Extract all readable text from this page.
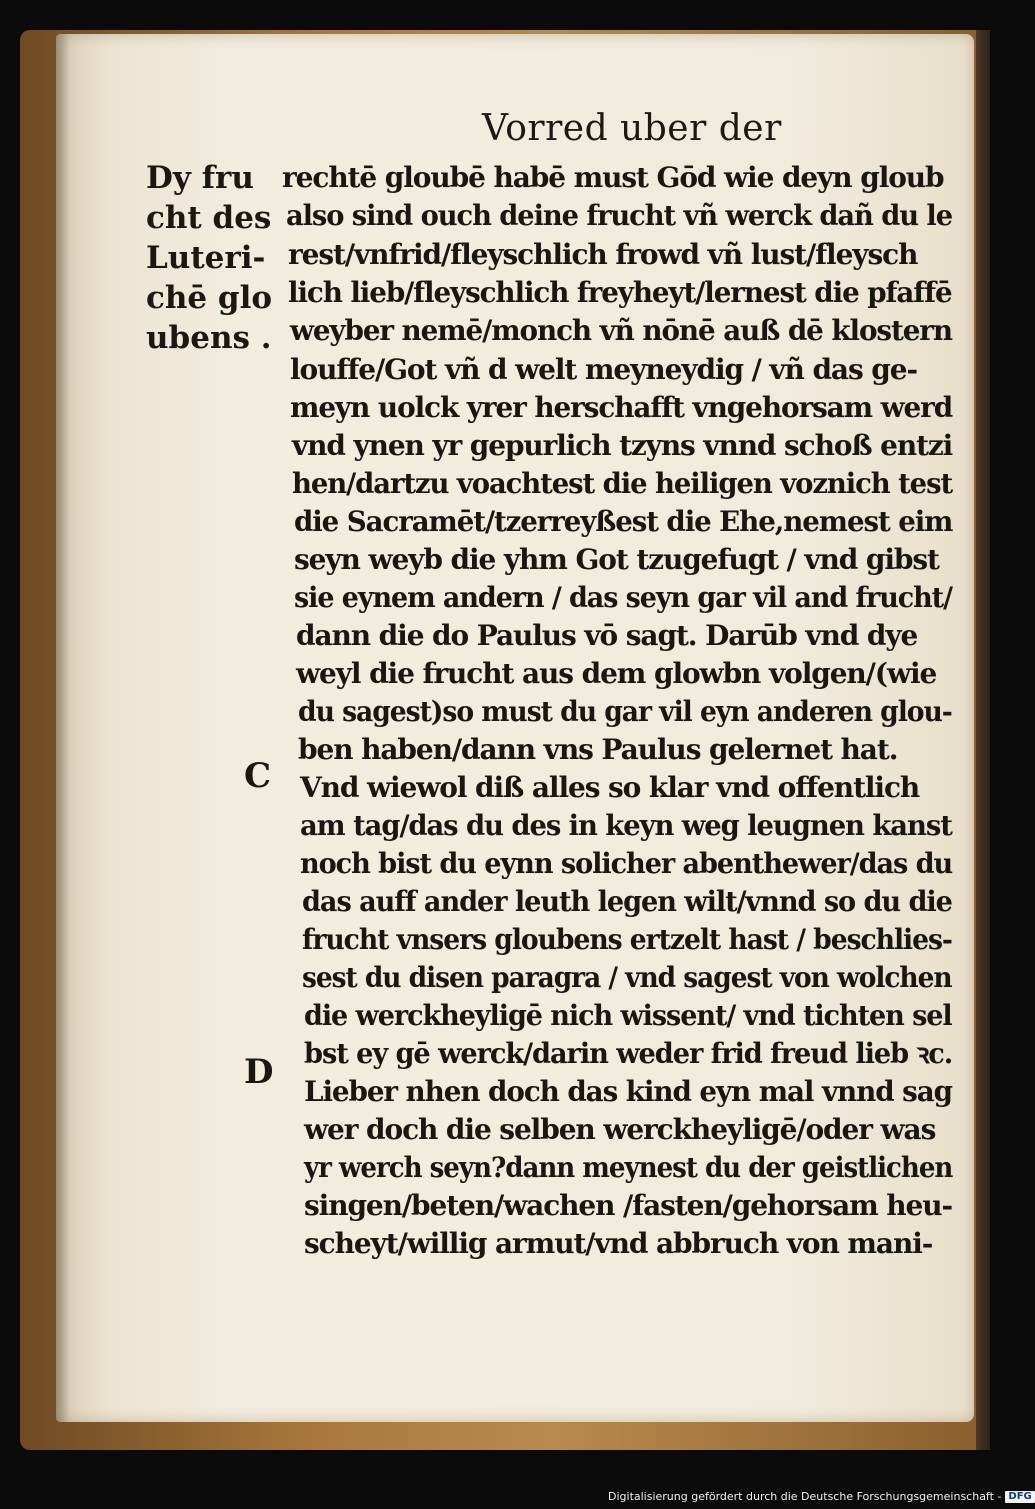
Vorred uber der
Dy fru
cht des
Luteri-
chē glo
ubens .
C
D
rechtē gloubē habē must Gōd wie deyn gloub
also sind ouch deine frucht vñ werck dañ du le
rest/vnfrid/fleyschlich frowd vñ lust/fleysch
lich lieb/fleyschlich freyheyt/lernest die pfaffē
weyber nemē/monch vñ nōnē auß dē klostern
louffe/Got vñ d welt meyneydig / vñ das ge-
meyn uolck yrer herschafft vngehorsam werd
vnd ynen yr gepurlich tzyns vnnd schoß entzi
hen/dartzu voachtest die heiligen voznich test
die Sacramēt/tzerreyßest die Ehe,nemest eim
seyn weyb die yhm Got tzugefugt / vnd gibst
sie eynem andern / das seyn gar vil and frucht/
dann die do Paulus vō sagt. Darūb vnd dye
weyl die frucht aus dem glowbn volgen/(wie
du sagest)so must du gar vil eyn anderen glou-
ben haben/dann vns Paulus gelernet hat.
Vnd wiewol diß alles so klar vnd offentlich
am tag/das du des in keyn weg leugnen kanst
noch bist du eynn solicher abenthewer/das du
das auff ander leuth legen wilt/vnnd so du die
frucht vnsers gloubens ertzelt hast / beschlies-
sest du disen paragra / vnd sagest von wolchen
die werckheyligē nich wissent/ vnd tichten sel
bst ey gē werck/darin weder frid freud lieb ꝛc.
Lieber nhen doch das kind eyn mal vnnd sag
wer doch die selben werckheyligē/oder was
yr werch seyn?dann meynest du der geistlichen
singen/beten/wachen /fasten/gehorsam heu-
scheyt/willig armut/vnd abbruch von mani-
Digitalisierung gefördert durch die Deutsche Forschungsgemeinschaft - DFG
